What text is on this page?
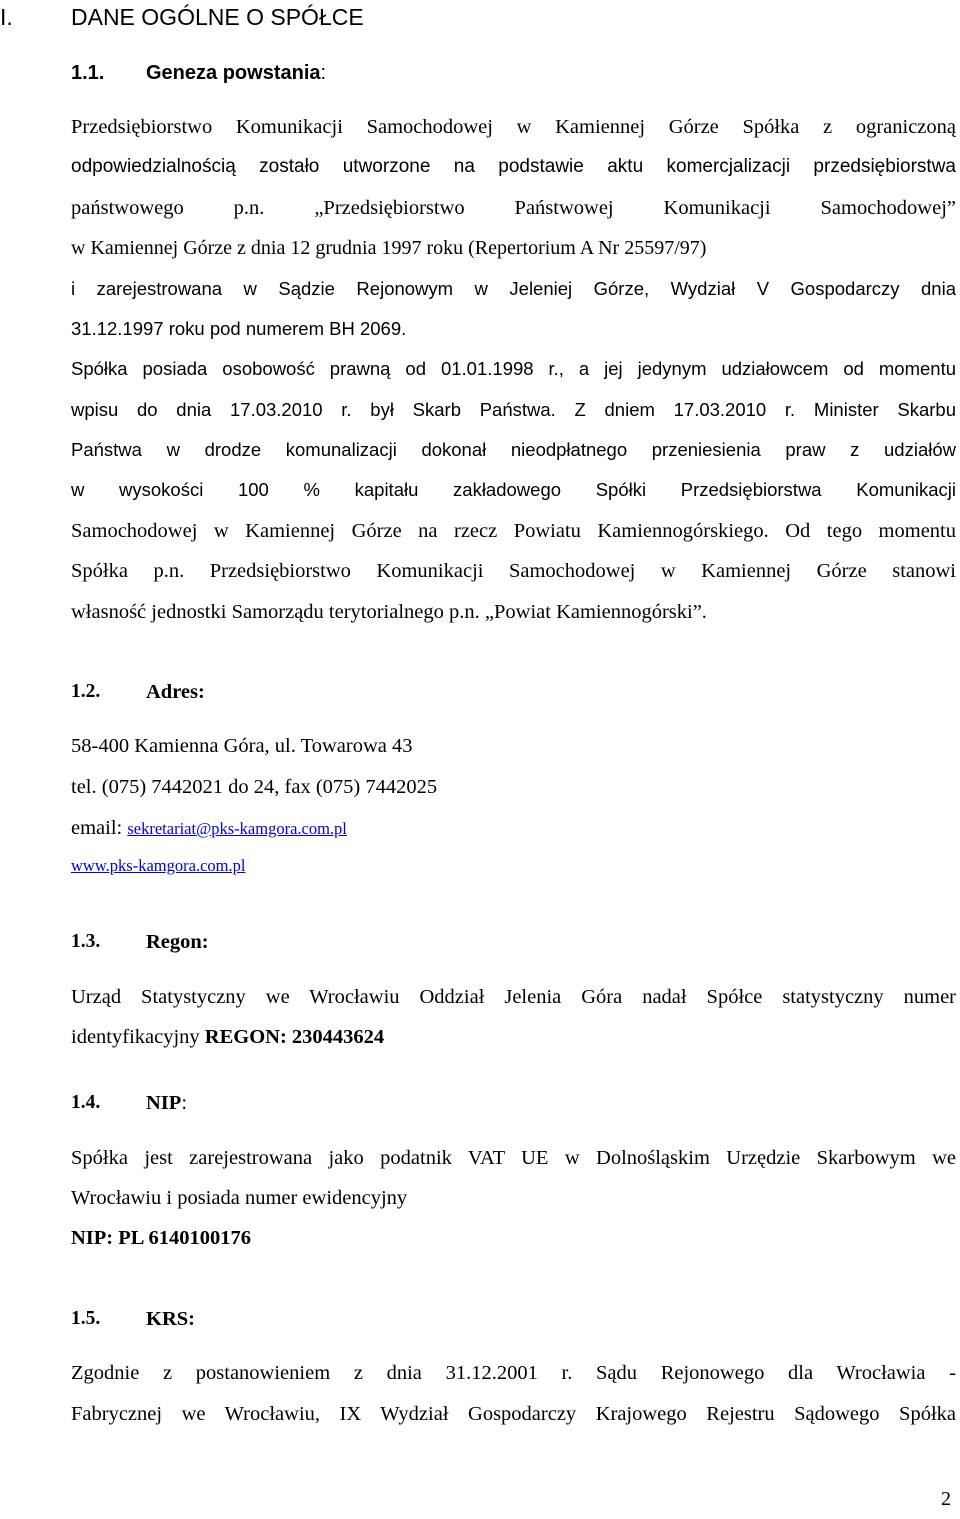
I.	DANE OGÓLNE O SPÓŁCE
1.1. Geneza powstania:
Przedsiębiorstwo Komunikacji Samochodowej w Kamiennej Górze Spółka z ograniczoną
odpowiedzialnością zostało utworzone na podstawie aktu komercjalizacji przedsiębiorstwa
państwowego p.n. „Przedsiębiorstwo Państwowej Komunikacji Samochodowej”
w Kamiennej Górze z dnia 12 grudnia 1997 roku (Repertorium A Nr 25597/97)
i zarejestrowana w Sądzie Rejonowym w Jeleniej Górze, Wydział V Gospodarczy dnia
31.12.1997 roku pod numerem BH 2069.
Spółka posiada osobowość prawną od 01.01.1998 r., a jej jedynym udziałowcem od momentu
wpisu do dnia 17.03.2010 r. był Skarb Państwa. Z dniem 17.03.2010 r. Minister Skarbu
Państwa w drodze komunalizacji dokonał nieodpłatnego przeniesienia praw z udziałów
w wysokości 100 % kapitału zakładowego Spółki Przedsiębiorstwa Komunikacji
Samochodowej w Kamiennej Górze na rzecz Powiatu Kamiennogórskiego. Od tego momentu
Spółka p.n. Przedsiębiorstwo Komunikacji Samochodowej w Kamiennej Górze stanowi
własność jednostki Samorządu terytorialnego p.n. „Powiat Kamiennogórski”.
1.2. Adres:
58-400 Kamienna Góra, ul. Towarowa 43
tel. (075) 7442021 do 24, fax (075) 7442025
email: sekretariat@pks-kamgora.com.pl
www.pks-kamgora.com.pl
1.3. Regon:
Urząd Statystyczny we Wrocławiu Oddział Jelenia Góra nadał Spółce statystyczny numer
identyfikacyjny REGON: 230443624
1.4. NIP:
Spółka jest zarejestrowana jako podatnik VAT UE w Dolnośląskim Urzędzie Skarbowym we
Wrocławiu i posiada numer ewidencyjny
NIP: PL 6140100176
1.5. KRS:
Zgodnie z postanowieniem z dnia 31.12.2001 r. Sądu Rejonowego dla Wrocławia -
Fabrycznej we Wrocławiu, IX Wydział Gospodarczy Krajowego Rejestru Sądowego Spółka
2
